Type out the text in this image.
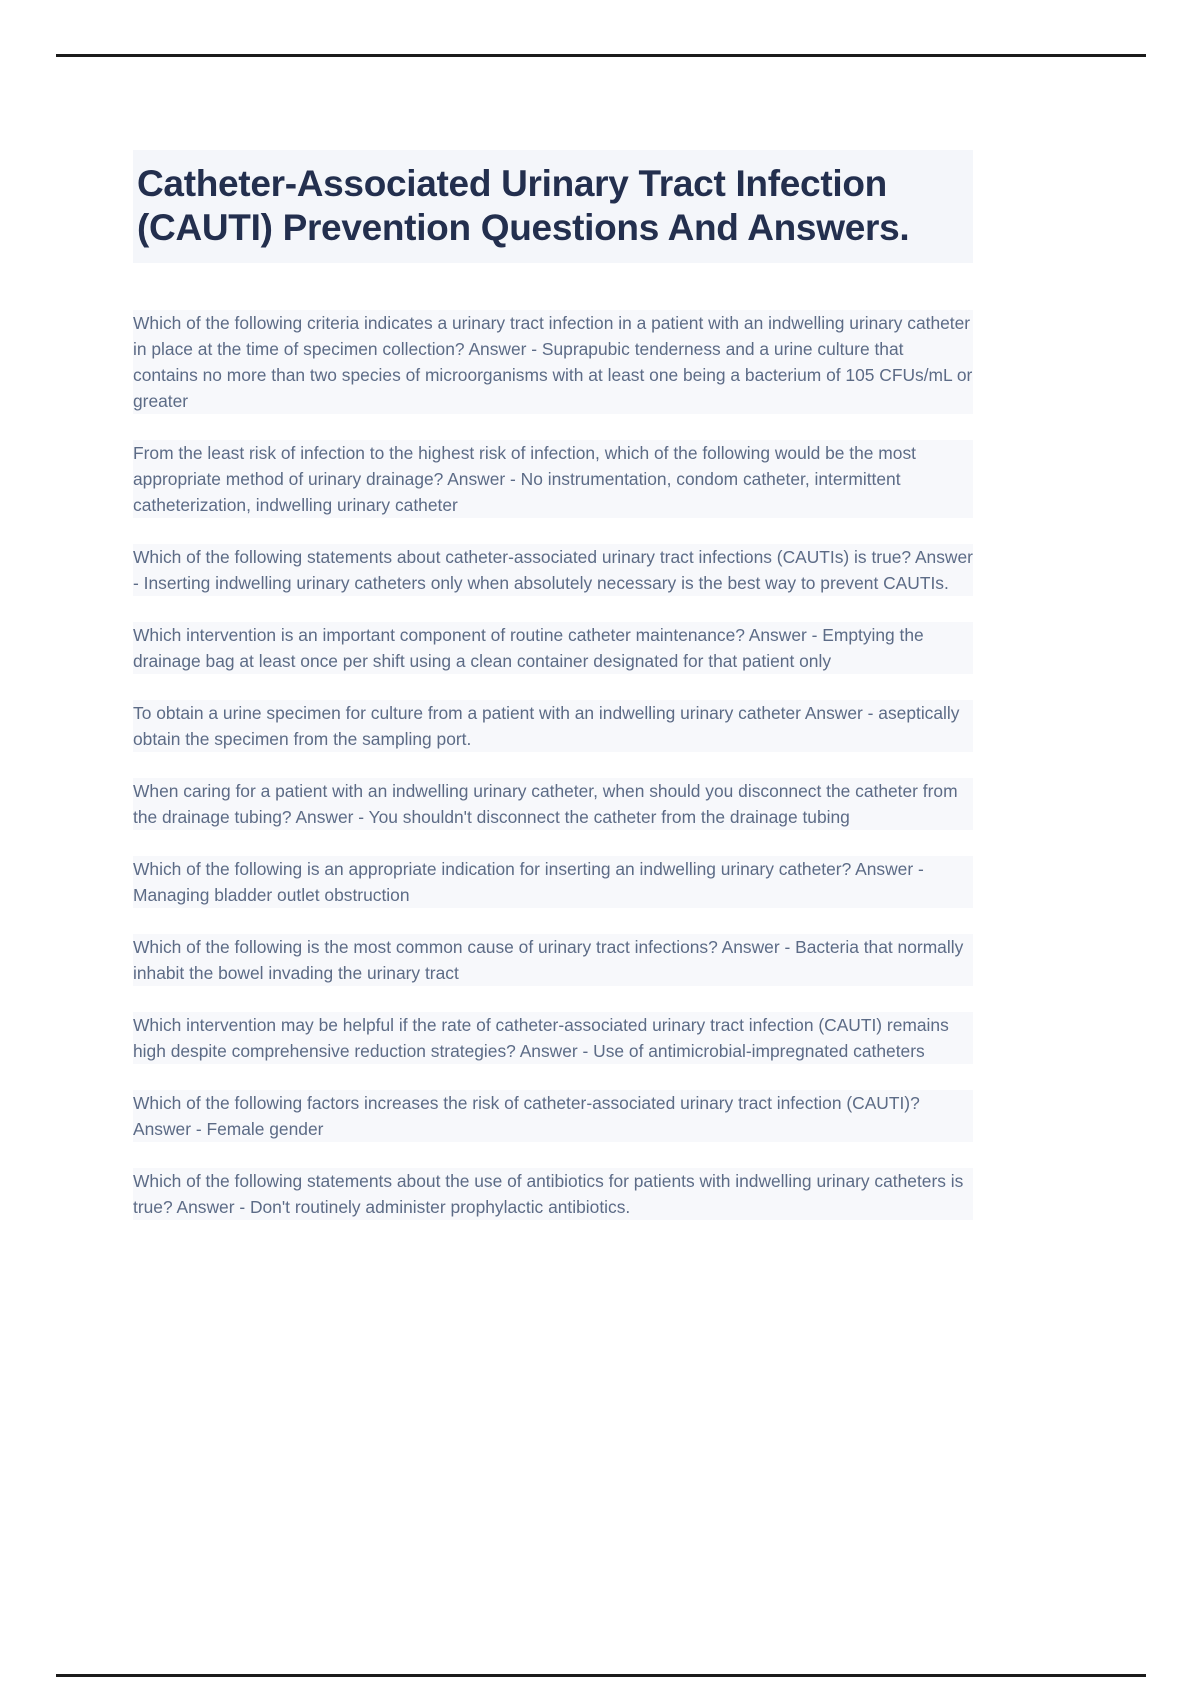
Catheter-Associated Urinary Tract Infection (CAUTI) Prevention Questions And Answers.
Which of the following criteria indicates a urinary tract infection in a patient with an indwelling urinary catheter in place at the time of specimen collection? Answer - Suprapubic tenderness and a urine culture that contains no more than two species of microorganisms with at least one being a bacterium of 105 CFUs/mL or greater
From the least risk of infection to the highest risk of infection, which of the following would be the most appropriate method of urinary drainage? Answer - No instrumentation, condom catheter, intermittent catheterization, indwelling urinary catheter
Which of the following statements about catheter-associated urinary tract infections (CAUTIs) is true? Answer - Inserting indwelling urinary catheters only when absolutely necessary is the best way to prevent CAUTIs.
Which intervention is an important component of routine catheter maintenance? Answer - Emptying the drainage bag at least once per shift using a clean container designated for that patient only
To obtain a urine specimen for culture from a patient with an indwelling urinary catheter Answer - aseptically obtain the specimen from the sampling port.
When caring for a patient with an indwelling urinary catheter, when should you disconnect the catheter from the drainage tubing? Answer - You shouldn't disconnect the catheter from the drainage tubing
Which of the following is an appropriate indication for inserting an indwelling urinary catheter? Answer - Managing bladder outlet obstruction
Which of the following is the most common cause of urinary tract infections? Answer - Bacteria that normally inhabit the bowel invading the urinary tract
Which intervention may be helpful if the rate of catheter-associated urinary tract infection (CAUTI) remains high despite comprehensive reduction strategies? Answer - Use of antimicrobial-impregnated catheters
Which of the following factors increases the risk of catheter-associated urinary tract infection (CAUTI)? Answer - Female gender
Which of the following statements about the use of antibiotics for patients with indwelling urinary catheters is true? Answer - Don't routinely administer prophylactic antibiotics.
